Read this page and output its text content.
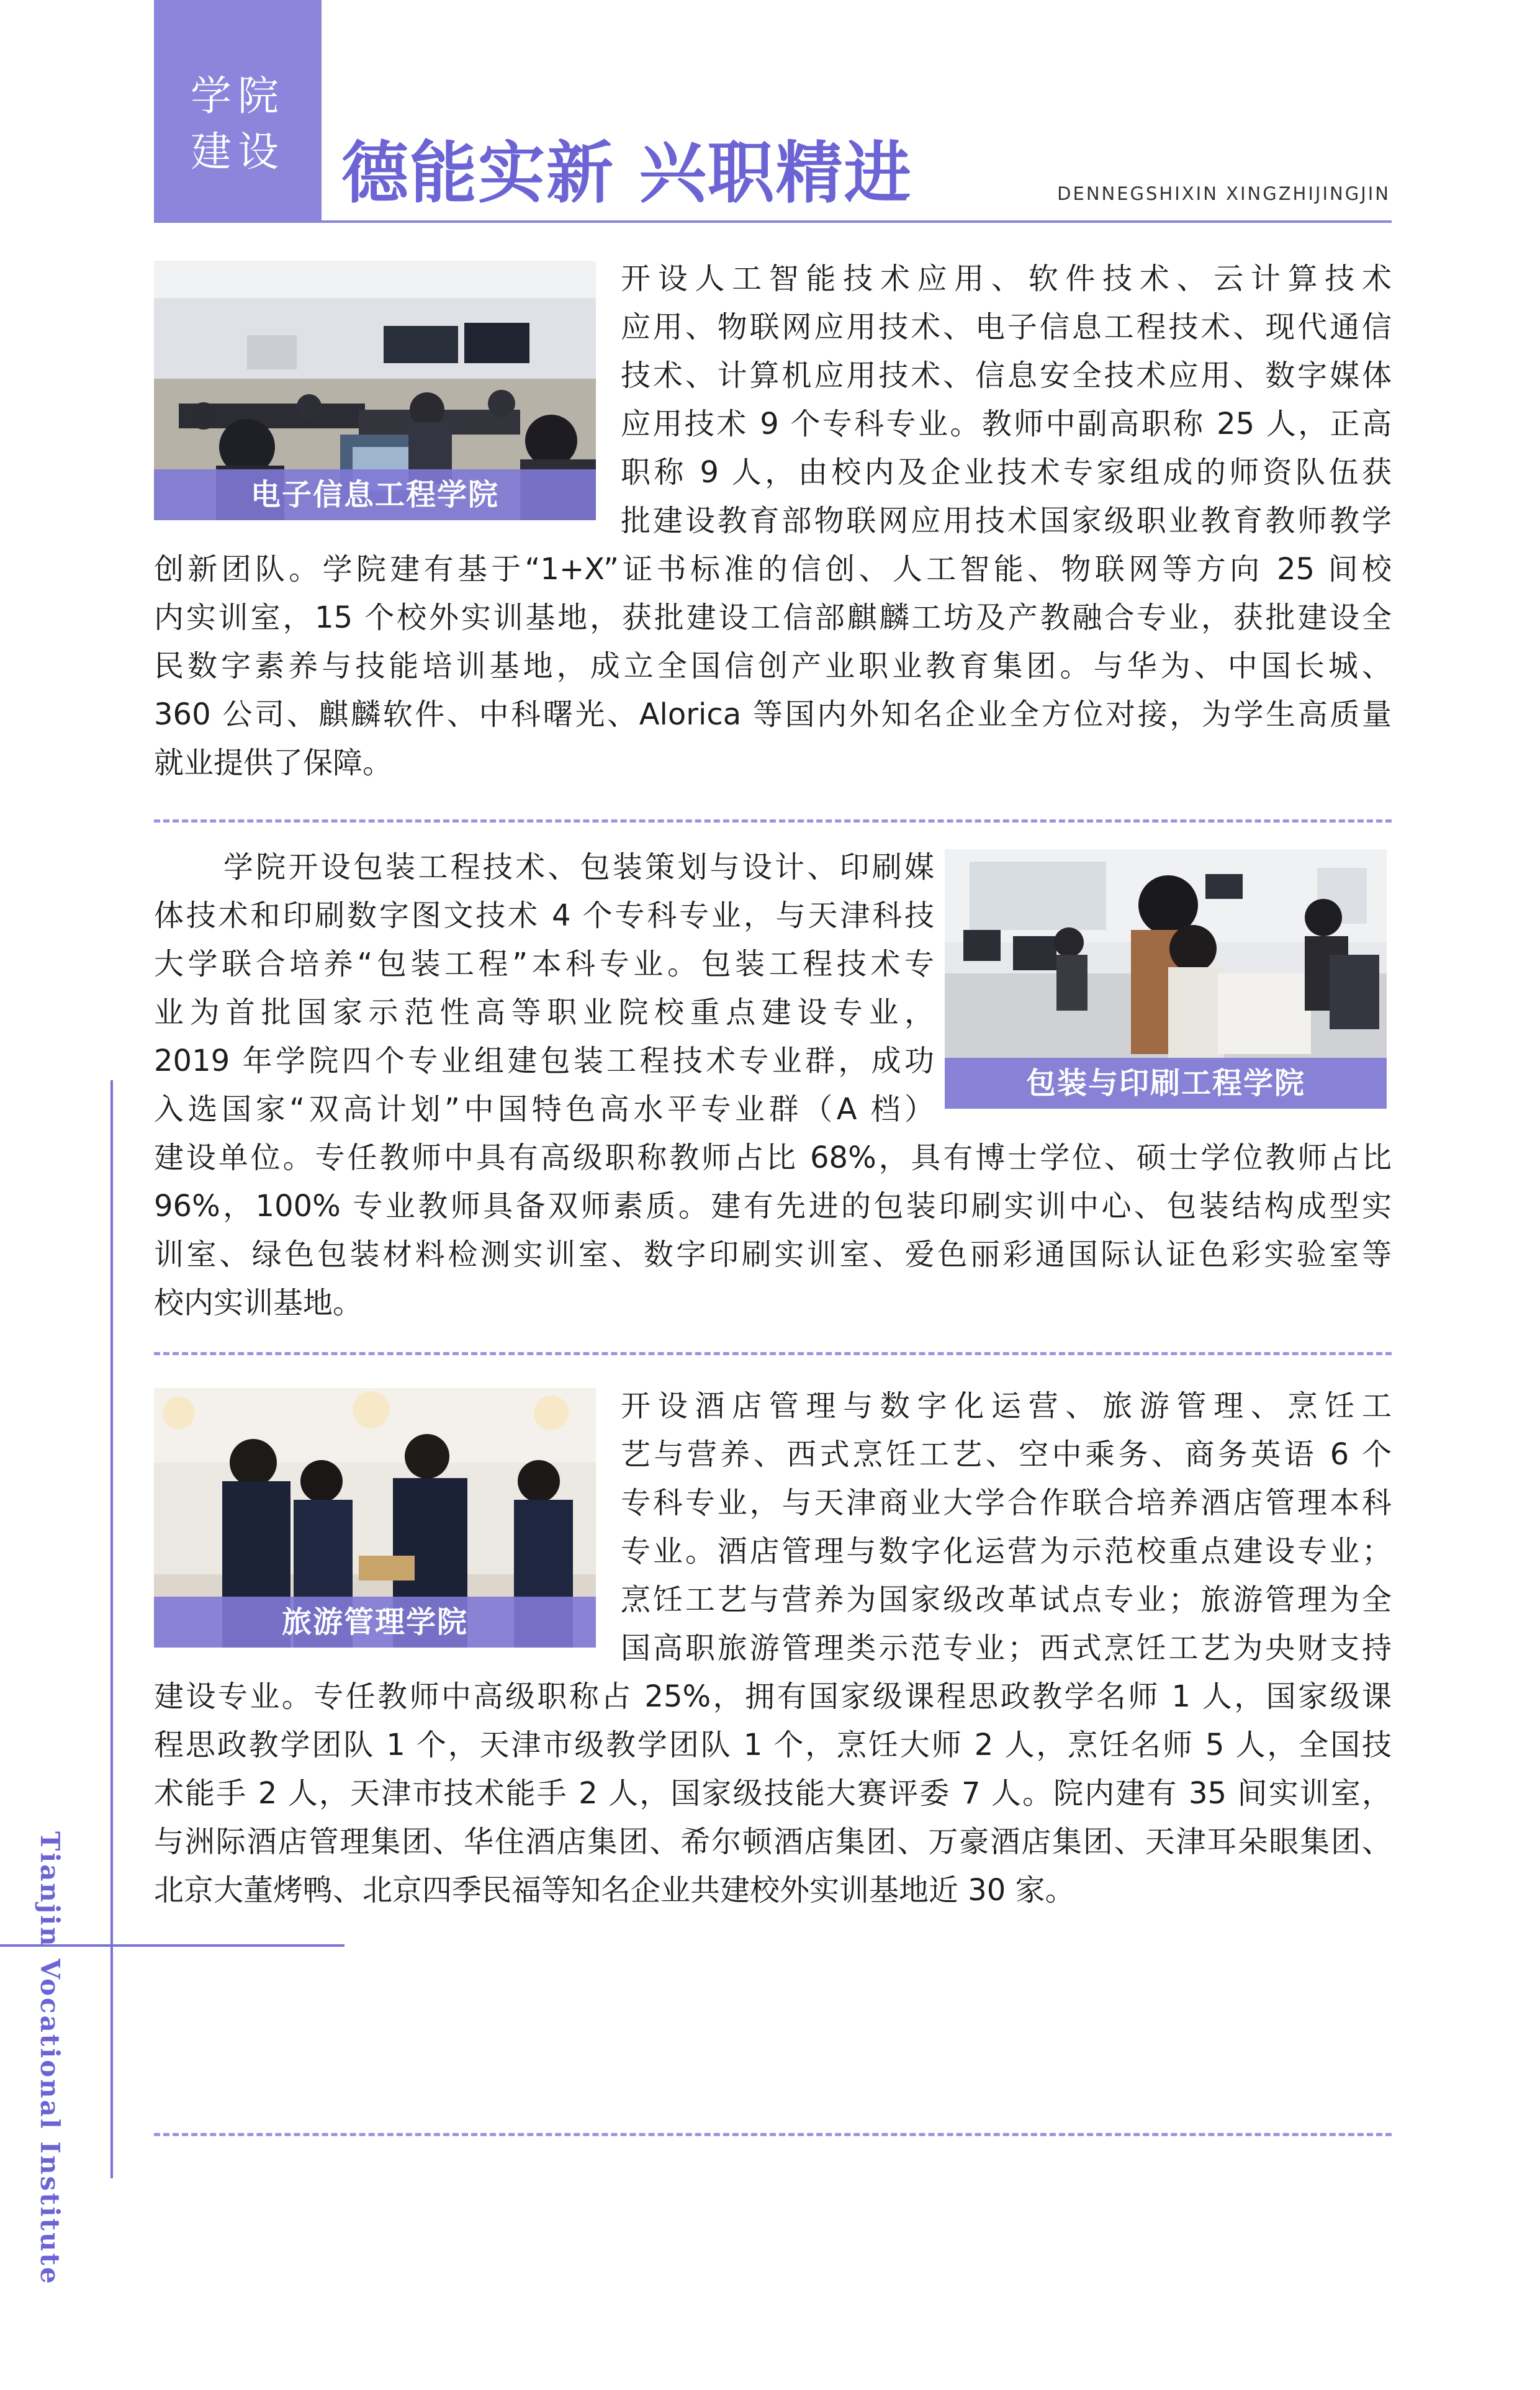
学院
建设 德能实新 兴职精进	DENNEGSHIXIN XINGZHIJINGJIN
电子信息工程学院
开设人工智能技术应用、软件技术、云计算技术
应用、物联网应用技术、电子信息工程技术、现代通信
技术、计算机应用技术、信息安全技术应用、数字媒体
应用技术 9 个专科专业。教师中副高职称 25 人，正高
职称 9 人，由校内及企业技术专家组成的师资队伍获
批建设教育部物联网应用技术国家级职业教育教师教学
创新团队。学院建有基于“1+X”证书标准的信创、人工智能、物联网等方向 25 间校
内实训室，15 个校外实训基地，获批建设工信部麒麟工坊及产教融合专业，获批建设全
民数字素养与技能培训基地，成立全国信创产业职业教育集团。与华为、中国长城、
360 公司、麒麟软件、中科曙光、Alorica 等国内外知名企业全方位对接，为学生高质量
就业提供了保障。
包装与印刷工程学院
学院开设包装工程技术、包装策划与设计、印刷媒
体技术和印刷数字图文技术 4 个专科专业，与天津科技
大学联合培养“包装工程”本科专业。包装工程技术专
业为首批国家示范性高等职业院校重点建设专业，
2019 年学院四个专业组建包装工程技术专业群，成功
入选国家“双高计划”中国特色高水平专业群（A 档）
建设单位。专任教师中具有高级职称教师占比 68%，具有博士学位、硕士学位教师占比
96%，100% 专业教师具备双师素质。建有先进的包装印刷实训中心、包装结构成型实
训室、绿色包装材料检测实训室、数字印刷实训室、爱色丽彩通国际认证色彩实验室等
校内实训基地。
旅游管理学院
开设酒店管理与数字化运营、旅游管理、烹饪工
艺与营养、西式烹饪工艺、空中乘务、商务英语 6 个
专科专业，与天津商业大学合作联合培养酒店管理本科
专业。酒店管理与数字化运营为示范校重点建设专业；
烹饪工艺与营养为国家级改革试点专业；旅游管理为全
国高职旅游管理类示范专业；西式烹饪工艺为央财支持
建设专业。专任教师中高级职称占 25%，拥有国家级课程思政教学名师 1 人，国家级课
程思政教学团队 1 个，天津市级教学团队 1 个，烹饪大师 2 人，烹饪名师 5 人，全国技
术能手 2 人，天津市技术能手 2 人，国家级技能大赛评委 7 人。院内建有 35 间实训室，
与洲际酒店管理集团、华住酒店集团、希尔顿酒店集团、万豪酒店集团、天津耳朵眼集团、
北京大董烤鸭、北京四季民福等知名企业共建校外实训基地近 30 家。
Tianjin Vocational Institute
